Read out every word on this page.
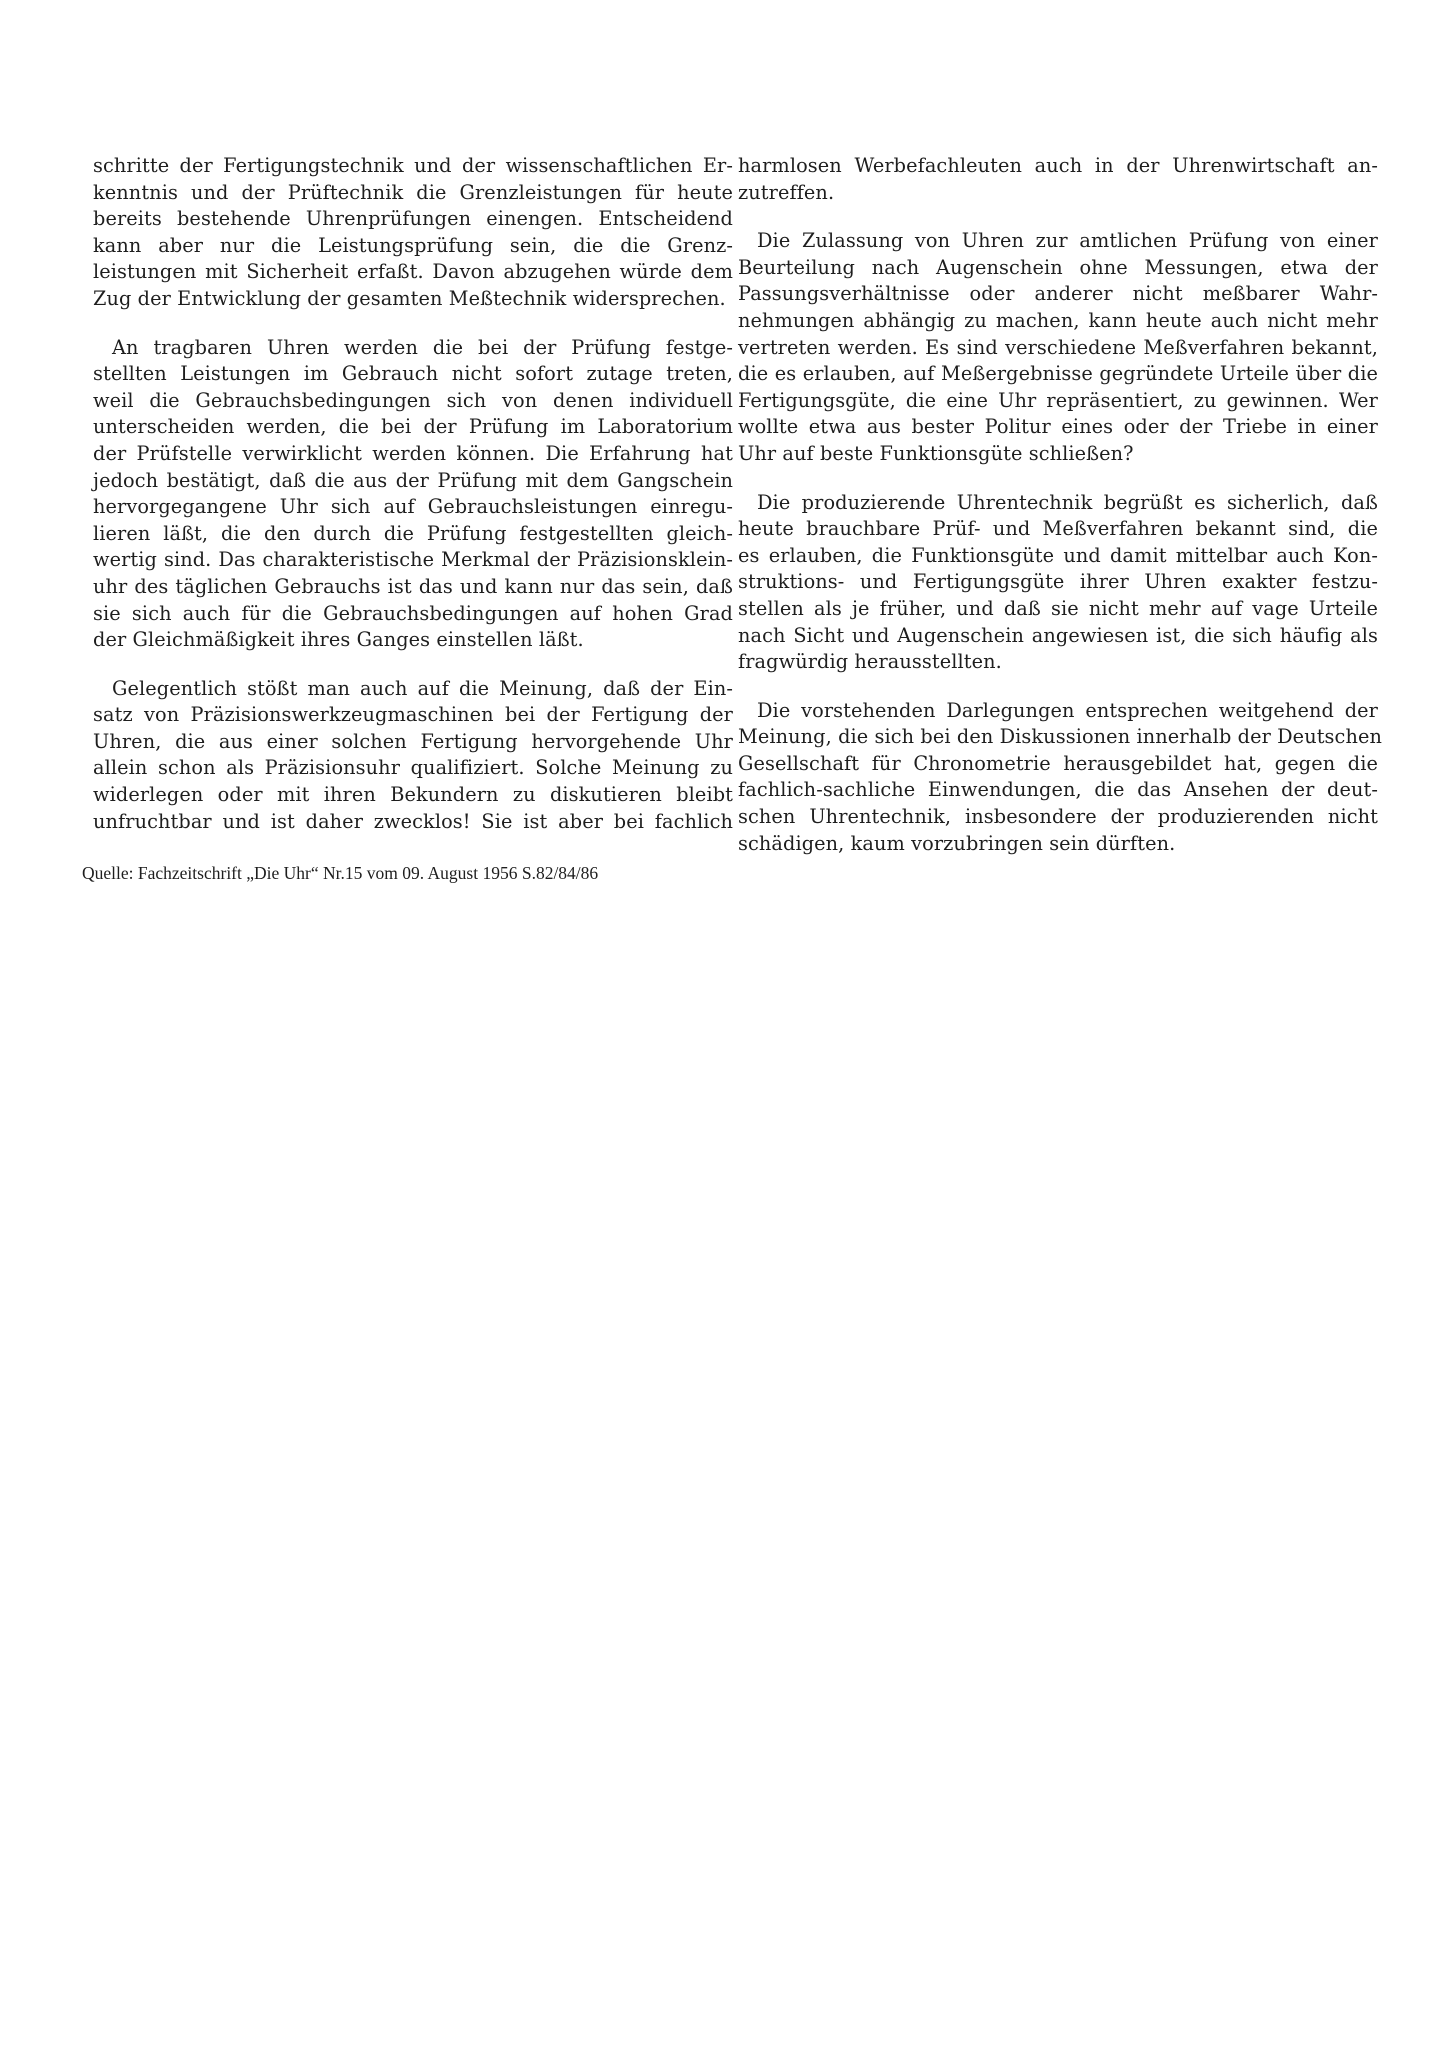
schritte der Fertigungstechnik und der wissenschaftlichen Er-
kenntnis und der Prüftechnik die Grenzleistungen für heute
bereits bestehende Uhrenprüfungen einengen. Entscheidend
kann aber nur die Leistungsprüfung sein, die die Grenz-
leistungen mit Sicherheit erfaßt. Davon abzugehen würde dem
Zug der Entwicklung der gesamten Meßtechnik widersprechen.

An tragbaren Uhren werden die bei der Prüfung festge-
stellten Leistungen im Gebrauch nicht sofort zutage treten,
weil die Gebrauchsbedingungen sich von denen individuell
unterscheiden werden, die bei der Prüfung im Laboratorium
der Prüfstelle verwirklicht werden können. Die Erfahrung hat
jedoch bestätigt, daß die aus der Prüfung mit dem Gangschein
hervorgegangene Uhr sich auf Gebrauchsleistungen einregu-
lieren läßt, die den durch die Prüfung festgestellten gleich-
wertig sind. Das charakteristische Merkmal der Präzisionsklein-
uhr des täglichen Gebrauchs ist das und kann nur das sein, daß
sie sich auch für die Gebrauchsbedingungen auf hohen Grad
der Gleichmäßigkeit ihres Ganges einstellen läßt.

Gelegentlich stößt man auch auf die Meinung, daß der Ein-
satz von Präzisionswerkzeugmaschinen bei der Fertigung der
Uhren, die aus einer solchen Fertigung hervorgehende Uhr
allein schon als Präzisionsuhr qualifiziert. Solche Meinung zu
widerlegen oder mit ihren Bekundern zu diskutieren bleibt
unfruchtbar und ist daher zwecklos! Sie ist aber bei fachlich

harmlosen Werbefachleuten auch in der Uhrenwirtschaft an-
zutreffen.

Die Zulassung von Uhren zur amtlichen Prüfung von einer
Beurteilung nach Augenschein ohne Messungen, etwa der
Passungsverhältnisse oder anderer nicht meßbarer Wahr-
nehmungen abhängig zu machen, kann heute auch nicht mehr
vertreten werden. Es sind verschiedene Meßverfahren bekannt,
die es erlauben, auf Meßergebnisse gegründete Urteile über die
Fertigungsgüte, die eine Uhr repräsentiert, zu gewinnen. Wer
wollte etwa aus bester Politur eines oder der Triebe in einer
Uhr auf beste Funktionsgüte schließen?

Die produzierende Uhrentechnik begrüßt es sicherlich, daß
heute brauchbare Prüf- und Meßverfahren bekannt sind, die
es erlauben, die Funktionsgüte und damit mittelbar auch Kon-
struktions- und Fertigungsgüte ihrer Uhren exakter festzu-
stellen als je früher, und daß sie nicht mehr auf vage Urteile
nach Sicht und Augenschein angewiesen ist, die sich häufig als
fragwürdig herausstellten.

Die vorstehenden Darlegungen entsprechen weitgehend der
Meinung, die sich bei den Diskussionen innerhalb der Deutschen
Gesellschaft für Chronometrie herausgebildet hat, gegen die
fachlich-sachliche Einwendungen, die das Ansehen der deut-
schen Uhrentechnik, insbesondere der produzierenden nicht
schädigen, kaum vorzubringen sein dürften.

Quelle: Fachzeitschrift „Die Uhr“ Nr.15 vom 09. August 1956 S.82/84/86
